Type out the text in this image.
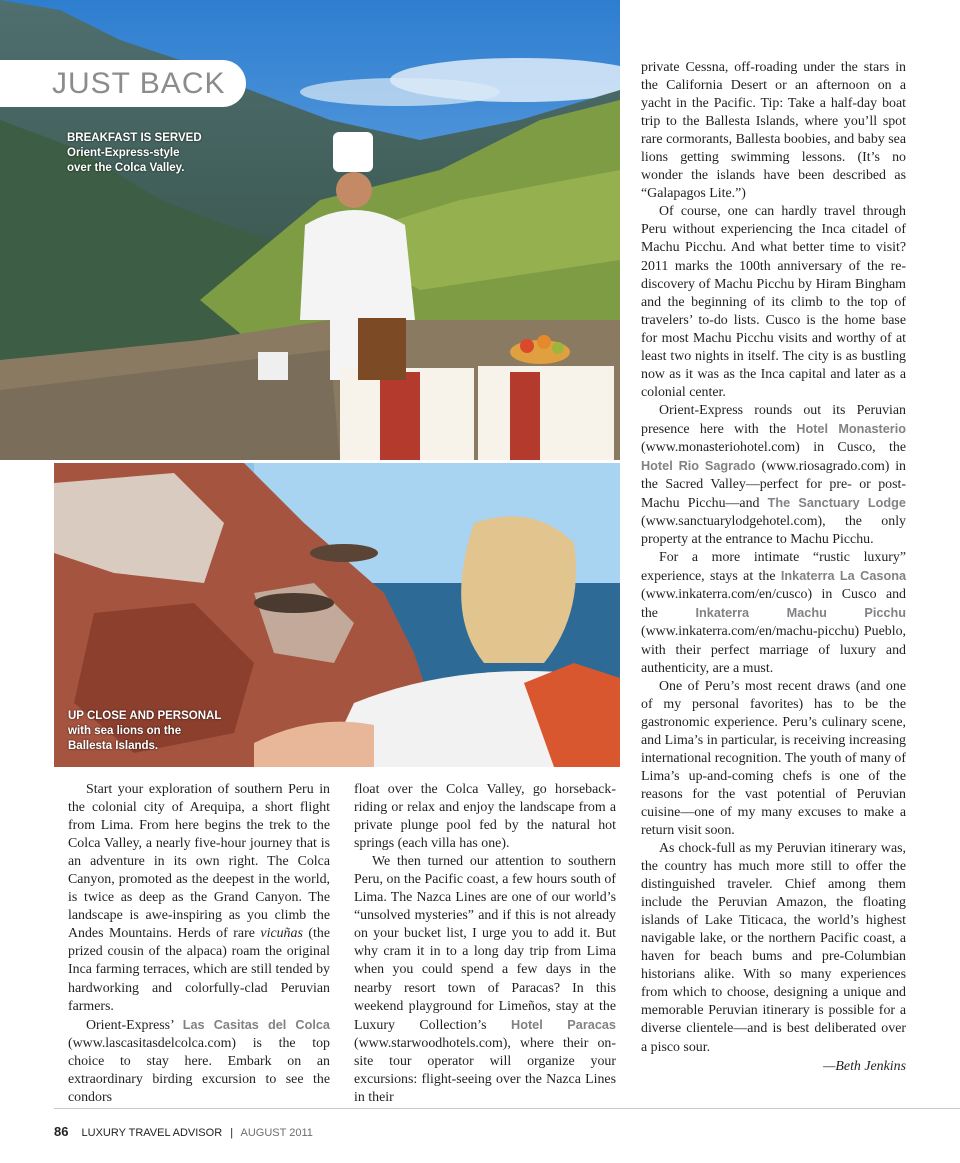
JUST BACK
BREAKFAST IS SERVED
Orient-Express-style
over the Colca Valley.
UP CLOSE AND PERSONAL
with sea lions on the
Ballesta Islands.

Start your exploration of southern Peru in the colonial city of Arequipa, a short flight from Lima. From here begins the trek to the Colca Valley, a nearly five-hour journey that is an adventure in its own right. The Colca Canyon, promoted as the deepest in the world, is twice as deep as the Grand Canyon. The landscape is awe-inspiring as you climb the Andes Mountains. Herds of rare vicuñas (the prized cousin of the alpaca) roam the original Inca farming terraces, which are still tended by hardworking and colorfully-clad Peruvian farmers.

Orient-Express’ Las Casitas del Colca (www.lascasitasdelcolca.com) is the top choice to stay here. Embark on an extraordinary birding excursion to see the condors

float over the Colca Valley, go horseback-riding or relax and enjoy the landscape from a private plunge pool fed by the natural hot springs (each villa has one).

We then turned our attention to southern Peru, on the Pacific coast, a few hours south of Lima. The Nazca Lines are one of our world’s “unsolved mysteries” and if this is not already on your bucket list, I urge you to add it. But why cram it in to a long day trip from Lima when you could spend a few days in the nearby resort town of Paracas? In this weekend playground for Limeños, stay at the Luxury Collection’s Hotel Paracas (www.starwoodhotels.com), where their on-site tour operator will organize your excursions: flight-seeing over the Nazca Lines in their

private Cessna, off-roading under the stars in the California Desert or an afternoon on a yacht in the Pacific. Tip: Take a half-day boat trip to the Ballesta Islands, where you’ll spot rare cormorants, Ballesta boobies, and baby sea lions getting swimming lessons. (It’s no wonder the islands have been described as “Galapagos Lite.”)

Of course, one can hardly travel through Peru without experiencing the Inca citadel of Machu Picchu. And what better time to visit? 2011 marks the 100th anniversary of the re-discovery of Machu Picchu by Hiram Bingham and the beginning of its climb to the top of travelers’ to-do lists. Cusco is the home base for most Machu Picchu visits and worthy of at least two nights in itself. The city is as bustling now as it was as the Inca capital and later as a colonial center.

Orient-Express rounds out its Peruvian presence here with the Hotel Monasterio (www.monasteriohotel.com) in Cusco, the Hotel Rio Sagrado (www.riosagrado.com) in the Sacred Valley—perfect for pre- or post-Machu Picchu—and The Sanctuary Lodge (www.sanctuarylodgehotel.com), the only property at the entrance to Machu Picchu.

For a more intimate “rustic luxury” experience, stays at the Inkaterra La Casona (www.inkaterra.com/en/cusco) in Cusco and the Inkaterra Machu Picchu (www.inkaterra.com/en/machu-picchu) Pueblo, with their perfect marriage of luxury and authenticity, are a must.

One of Peru’s most recent draws (and one of my personal favorites) has to be the gastronomic experience. Peru’s culinary scene, and Lima’s in particular, is receiving increasing international recognition. The youth of many of Lima’s up-and-coming chefs is one of the reasons for the vast potential of Peruvian cuisine—one of my many excuses to make a return visit soon.

As chock-full as my Peruvian itinerary was, the country has much more still to offer the distinguished traveler. Chief among them include the Peruvian Amazon, the floating islands of Lake Titicaca, the world’s highest navigable lake, or the northern Pacific coast, a haven for beach bums and pre-Columbian historians alike. With so many experiences from which to choose, designing a unique and memorable Peruvian itinerary is possible for a diverse clientele—and is best deliberated over a pisco sour.

—Beth Jenkins
86 LUXURY TRAVEL ADVISOR | AUGUST 2011
